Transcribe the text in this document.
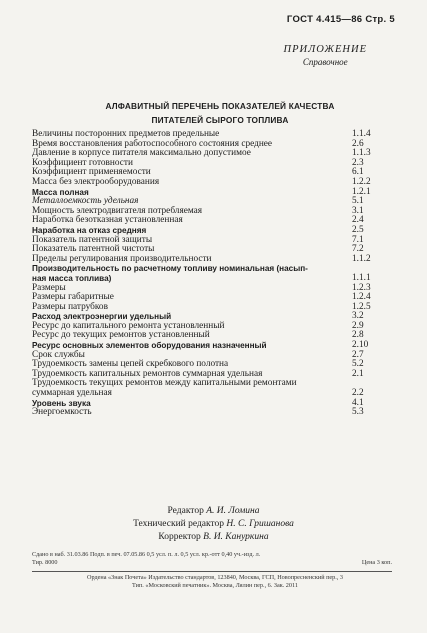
ГОСТ 4.415—86 Стр. 5
ПРИЛОЖЕНИЕ
Справочное
АЛФАВИТНЫЙ ПЕРЕЧЕНЬ ПОКАЗАТЕЛЕЙ КАЧЕСТВА
ПИТАТЕЛЕЙ СЫРОГО ТОПЛИВА
Величины посторонних предметов предельные	1.1.4
Время восстановления работоспособного состояния среднее	2.6
Давление в корпусе питателя максимально допустимое	1.1.3
Коэффициент готовности	2.3
Коэффициент применяемости	6.1
Масса без электрооборудования	1.2.2
Масса полная	1.2.1
Металлоемкость удельная	5.1
Мощность электродвигателя потребляемая	3.1
Наработка безотказная установленная	2.4
Наработка на отказ средняя	2.5
Показатель патентной защиты	7.1
Показатель патентной чистоты	7.2
Пределы регулирования производительности	1.1.2
Производительность по расчетному топливу номинальная (насып-
ная масса топлива)	1.1.1
Размеры	1.2.3
Размеры габаритные	1.2.4
Размеры патрубков	1.2.5
Расход электроэнергии удельный	3.2
Ресурс до капитального ремонта установленный	2.9
Ресурс до текущих ремонтов установленный	2.8
Ресурс основных элементов оборудования назначенный	2.10
Срок службы	2.7
Трудоемкость замены цепей скребкового полотна	5.2
Трудоемкость капитальных ремонтов суммарная удельная	2.1
Трудоемкость текущих ремонтов между капитальными ремонтами
суммарная удельная	2.2
Уровень звука	4.1
Энергоемкость	5.3
Редактор А. И. Ломина
Технический редактор Н. С. Гришанова
Корректор В. И. Кануркина
Сдано в наб. 31.03.86 Подп. в печ. 07.05.86 0,5 усл. п. л. 0,5 усл. кр.-отт 0,40 уч.-изд. л.
Тир. 8000	Цена 3 коп.
Ордена «Знак Почета» Издательство стандартов, 123840, Москва, ГСП, Новопресненский пер., 3
Тип. «Московский печатник». Москва, Лялин пер., 6. Зак. 2011
